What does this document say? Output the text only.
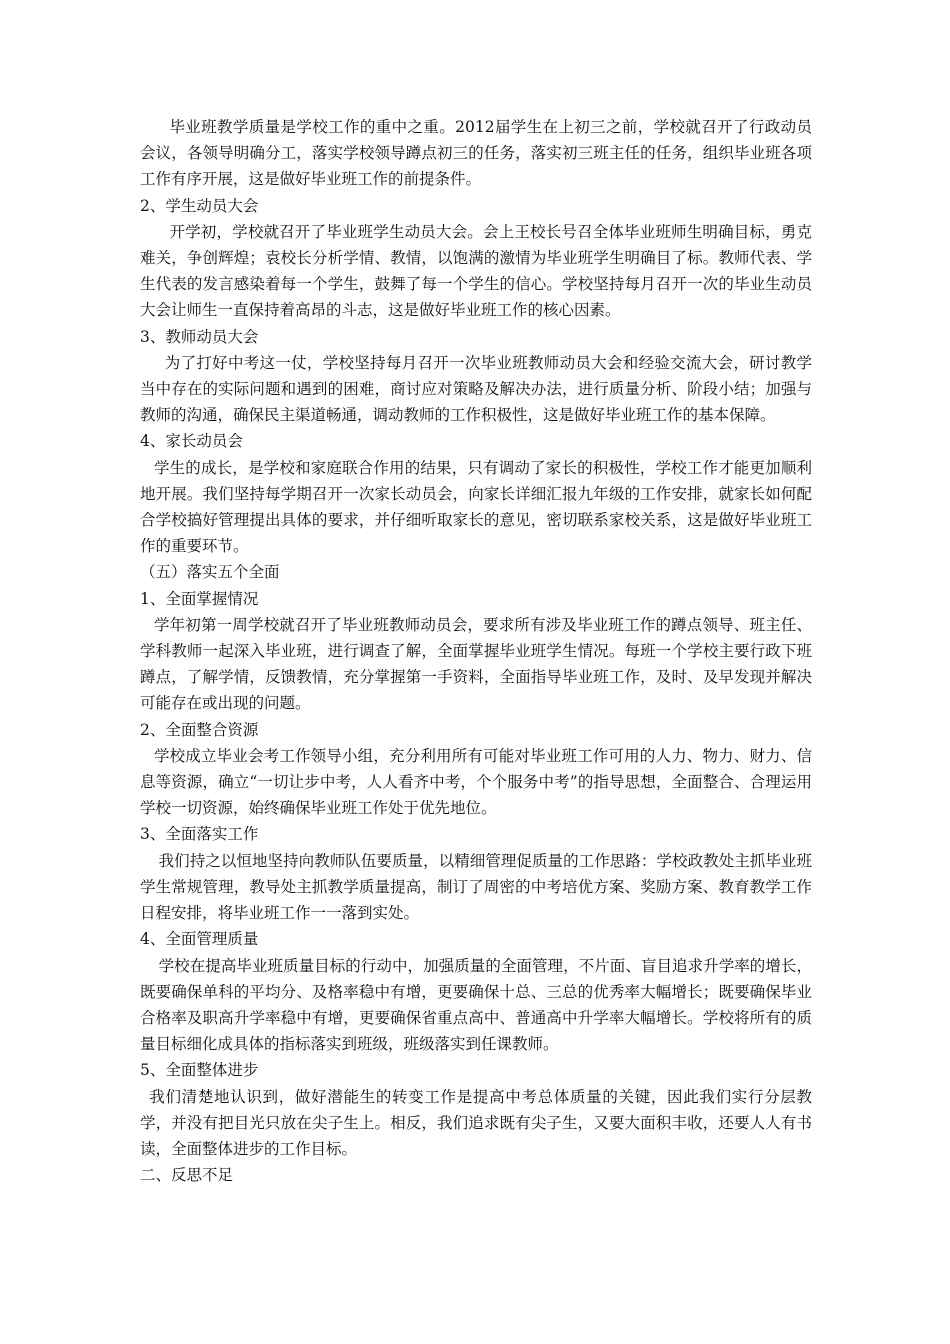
毕业班教学质量是学校工作的重中之重。2012届学生在上初三之前，学校就召开了行政动员会议，各领导明确分工，落实学校领导蹲点初三的任务，落实初三班主任的任务，组织毕业班各项工作有序开展，这是做好毕业班工作的前提条件。

2、学生动员大会

开学初，学校就召开了毕业班学生动员大会。会上王校长号召全体毕业班师生明确目标，勇克难关，争创辉煌；袁校长分析学情、教情，以饱满的激情为毕业班学生明确目了标。教师代表、学生代表的发言感染着每一个学生，鼓舞了每一个学生的信心。学校坚持每月召开一次的毕业生动员大会让师生一直保持着高昂的斗志，这是做好毕业班工作的核心因素。

3、教师动员大会

为了打好中考这一仗，学校坚持每月召开一次毕业班教师动员大会和经验交流大会，研讨教学当中存在的实际问题和遇到的困难，商讨应对策略及解决办法，进行质量分析、阶段小结；加强与教师的沟通，确保民主渠道畅通，调动教师的工作积极性，这是做好毕业班工作的基本保障。

4、家长动员会

学生的成长，是学校和家庭联合作用的结果，只有调动了家长的积极性，学校工作才能更加顺利地开展。我们坚持每学期召开一次家长动员会，向家长详细汇报九年级的工作安排，就家长如何配合学校搞好管理提出具体的要求，并仔细听取家长的意见，密切联系家校关系，这是做好毕业班工作的重要环节。

（五）落实五个全面

1、全面掌握情况

学年初第一周学校就召开了毕业班教师动员会，要求所有涉及毕业班工作的蹲点领导、班主任、学科教师一起深入毕业班，进行调查了解，全面掌握毕业班学生情况。每班一个学校主要行政下班蹲点，了解学情，反馈教情，充分掌握第一手资料，全面指导毕业班工作，及时、及早发现并解决可能存在或出现的问题。

2、全面整合资源

学校成立毕业会考工作领导小组，充分利用所有可能对毕业班工作可用的人力、物力、财力、信息等资源，确立“一切让步中考，人人看齐中考，个个服务中考”的指导思想，全面整合、合理运用学校一切资源，始终确保毕业班工作处于优先地位。

3、全面落实工作

我们持之以恒地坚持向教师队伍要质量，以精细管理促质量的工作思路：学校政教处主抓毕业班学生常规管理，教导处主抓教学质量提高，制订了周密的中考培优方案、奖励方案、教育教学工作日程安排，将毕业班工作一一落到实处。

4、全面管理质量

学校在提高毕业班质量目标的行动中，加强质量的全面管理，不片面、盲目追求升学率的增长，既要确保单科的平均分、及格率稳中有增，更要确保十总、三总的优秀率大幅增长；既要确保毕业合格率及职高升学率稳中有增，更要确保省重点高中、普通高中升学率大幅增长。学校将所有的质量目标细化成具体的指标落实到班级，班级落实到任课教师。

5、全面整体进步

我们清楚地认识到，做好潜能生的转变工作是提高中考总体质量的关键，因此我们实行分层教学，并没有把目光只放在尖子生上。相反，我们追求既有尖子生，又要大面积丰收，还要人人有书读，全面整体进步的工作目标。

二、反思不足
